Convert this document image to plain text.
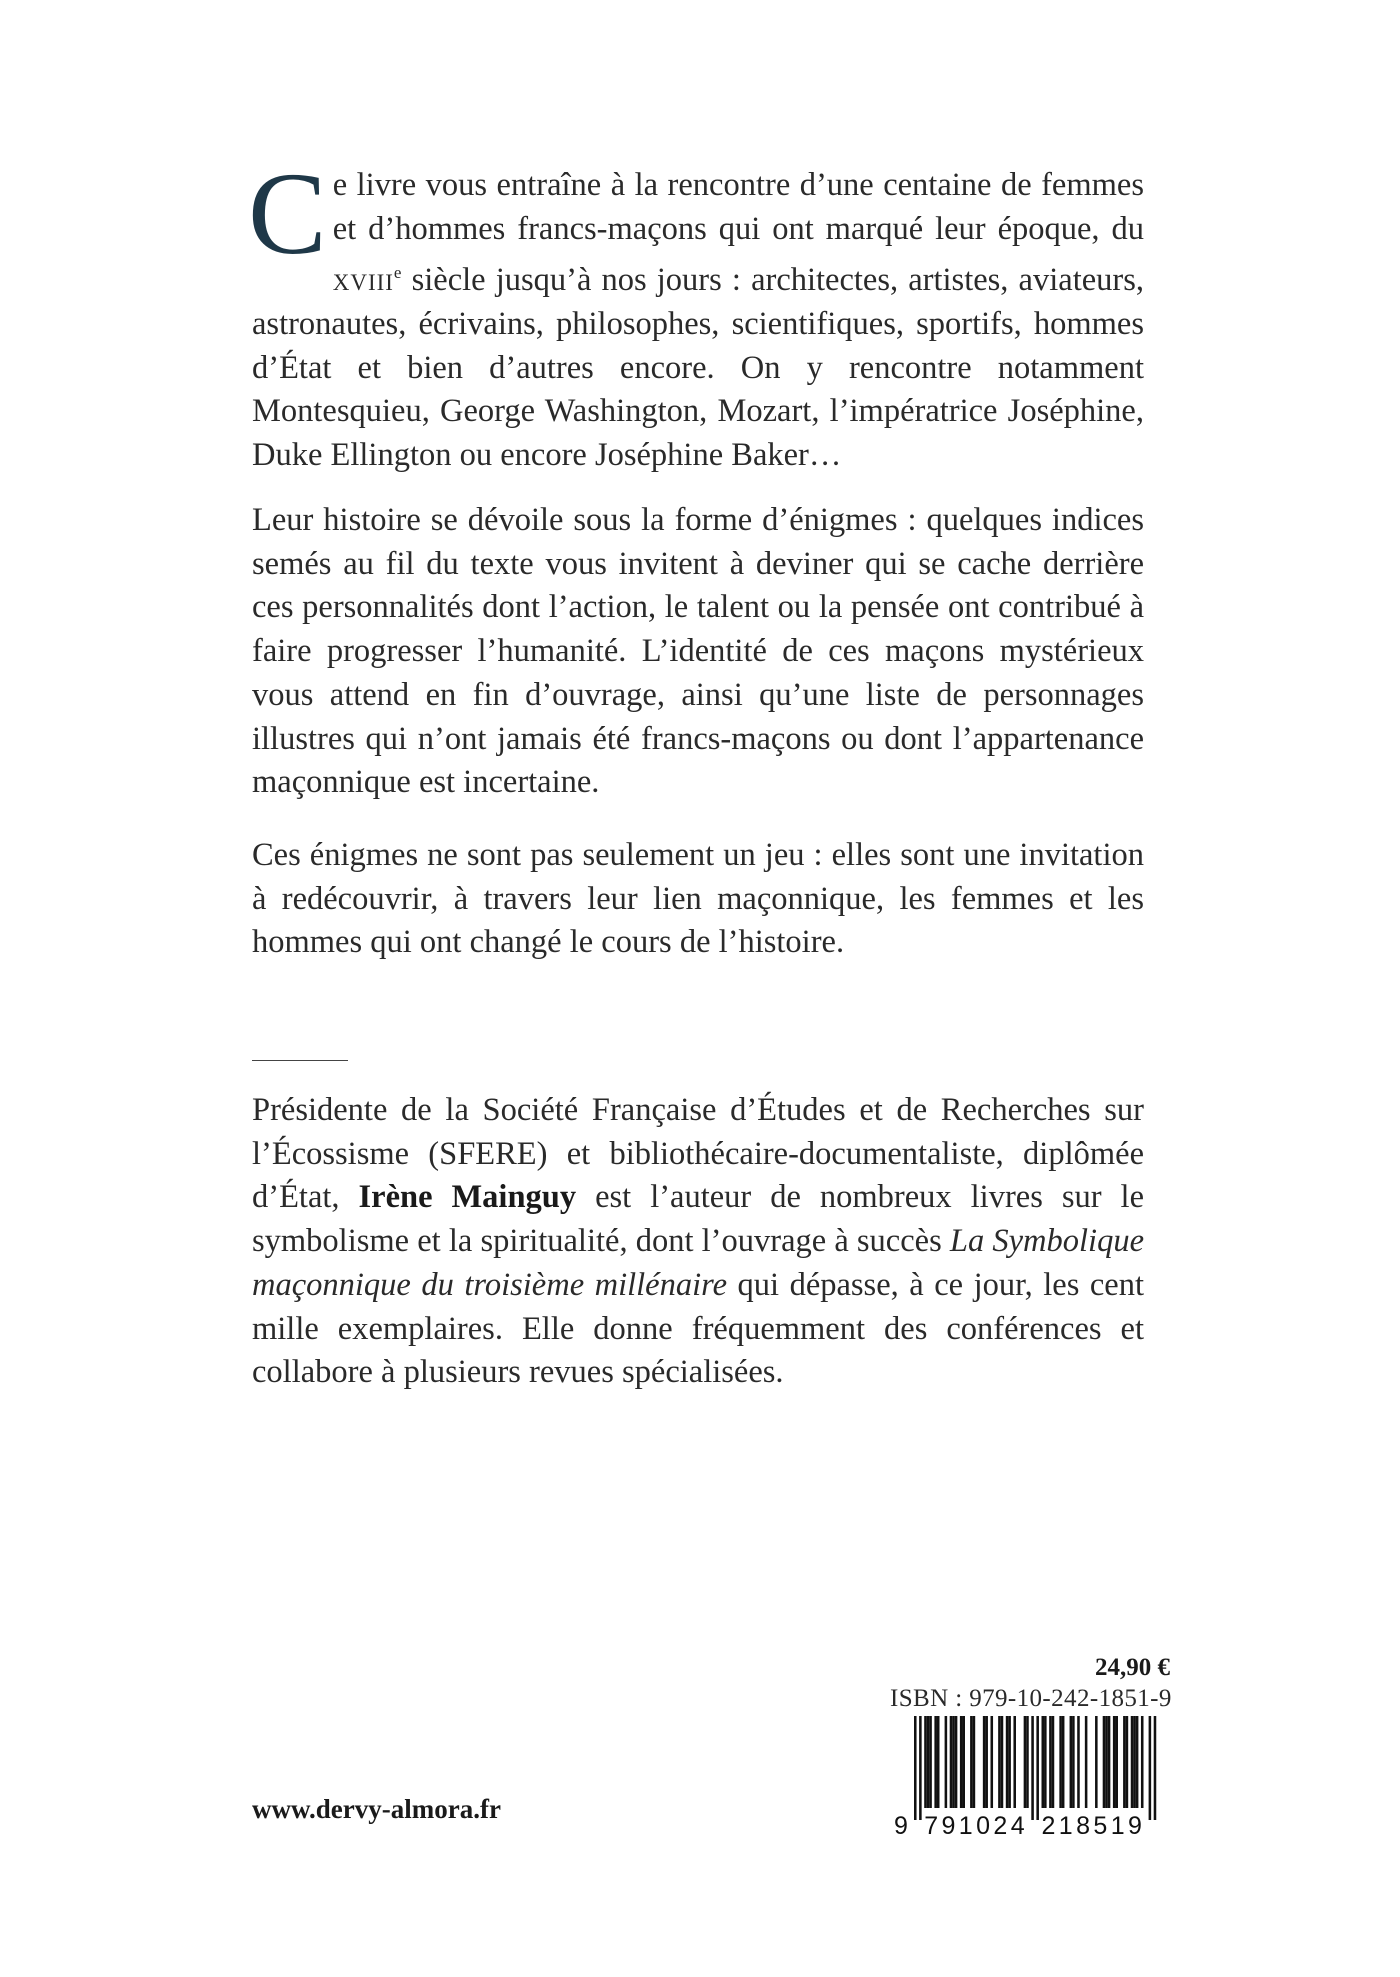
Ce livre vous entraîne à la rencontre d’une centaine de femmes et d’hommes francs-maçons qui ont marqué leur époque, du xviii$^e$ siècle jusqu’à nos jours : architectes, artistes, aviateurs, astronautes, écrivains, philosophes, scientifiques, sportifs, hommes d’État et bien d’autres encore. On y rencontre notamment Montesquieu, George Washington, Mozart, l’impératrice Joséphine, Duke Ellington ou encore Joséphine Baker…

Leur histoire se dévoile sous la forme d’énigmes : quelques indices semés au fil du texte vous invitent à deviner qui se cache derrière ces personnalités dont l’action, le talent ou la pensée ont contribué à faire progresser l’humanité. L’identité de ces maçons mystérieux vous attend en fin d’ouvrage, ainsi qu’une liste de personnages illustres qui n’ont jamais été francs-maçons ou dont l’appartenance maçonnique est incertaine.

Ces énigmes ne sont pas seulement un jeu : elles sont une invitation à redécouvrir, à travers leur lien maçonnique, les femmes et les hommes qui ont changé le cours de l’histoire.

Présidente de la Société Française d’Études et de Recherches sur l’Écossisme (SFERE) et bibliothécaire-documentaliste, diplômée d’État, Irène Mainguy est l’auteur de nombreux livres sur le symbolisme et la spiritualité, dont l’ouvrage à succès La Symbolique maçonnique du troisième millénaire qui dépasse, à ce jour, les cent mille exemplaires. Elle donne fréquemment des conférences et collabore à plusieurs revues spécialisées.

24,90 €
ISBN : 979-10-242-1851-9
9 791024 218519
www.dervy-almora.fr
